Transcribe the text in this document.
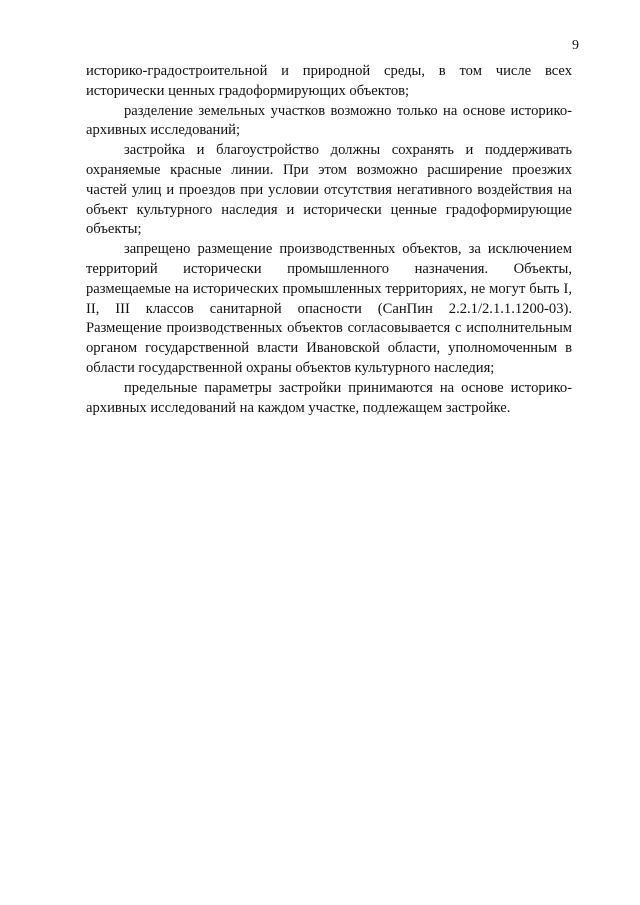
9

историко-градостроительной и природной среды, в том числе всех исторически ценных градоформирующих объектов;

разделение земельных участков возможно только на основе историко-архивных исследований;

застройка и благоустройство должны сохранять и поддерживать охраняемые красные линии. При этом возможно расширение проезжих частей улиц и проездов при условии отсутствия негативного воздействия на объект культурного наследия и исторически ценные градоформирующие объекты;

запрещено размещение производственных объектов, за исключением территорий исторически промышленного назначения. Объекты, размещаемые на исторических промышленных территориях, не могут быть I, II, III классов санитарной опасности (СанПин 2.2.1/2.1.1.1200-03). Размещение производственных объектов согласовывается с исполнительным органом государственной власти Ивановской области, уполномоченным в области государственной охраны объектов культурного наследия;

предельные параметры застройки принимаются на основе историко-архивных исследований на каждом участке, подлежащем застройке.
